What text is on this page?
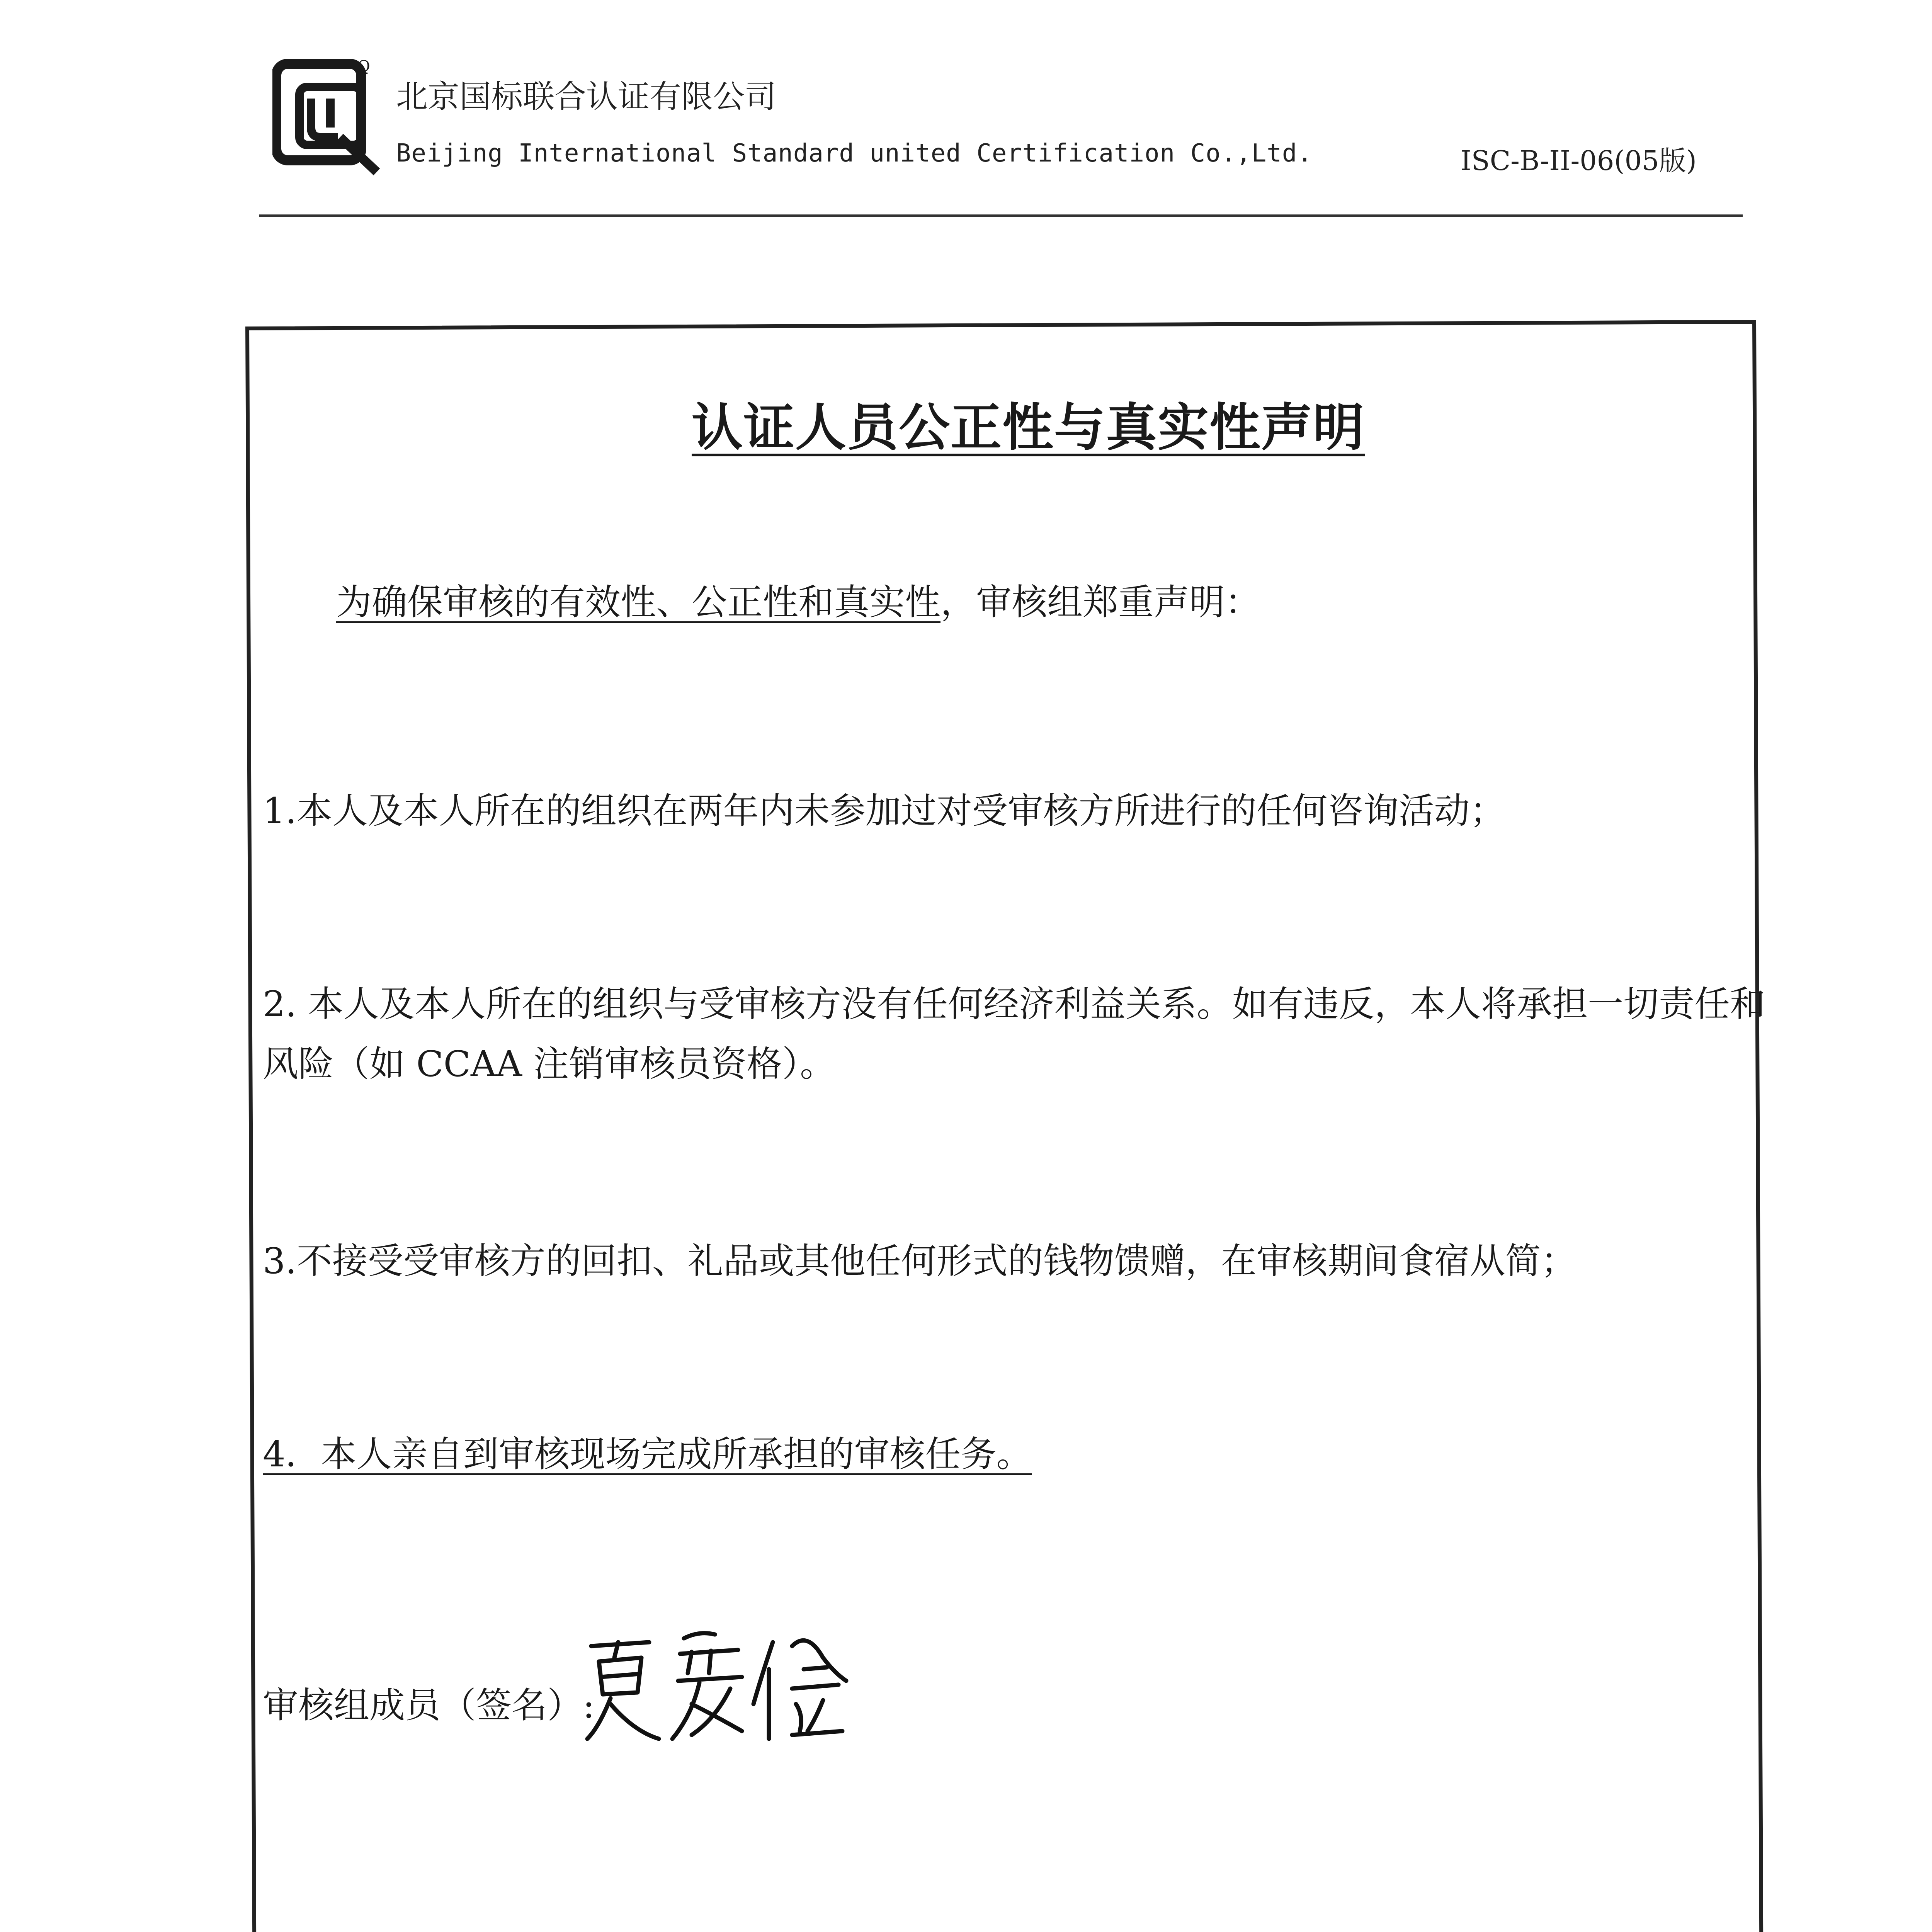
Q
北京国标联合认证有限公司
Beijing International Standard united Certification Co.,Ltd.	ISC-B-II-06(05版)
认证人员公正性与真实性声明
为确保审核的有效性、公正性和真实性，审核组郑重声明：
1.本人及本人所在的组织在两年内未参加过对受审核方所进行的任何咨询活动；
2. 本人及本人所在的组织与受审核方没有任何经济利益关系。如有违反，本人将承担一切责任和
风险（如 CCAA 注销审核员资格）。
3.不接受受审核方的回扣、礼品或其他任何形式的钱物馈赠，在审核期间食宿从简；
4．本人亲自到审核现场完成所承担的审核任务。
审核组成员（签名）:
